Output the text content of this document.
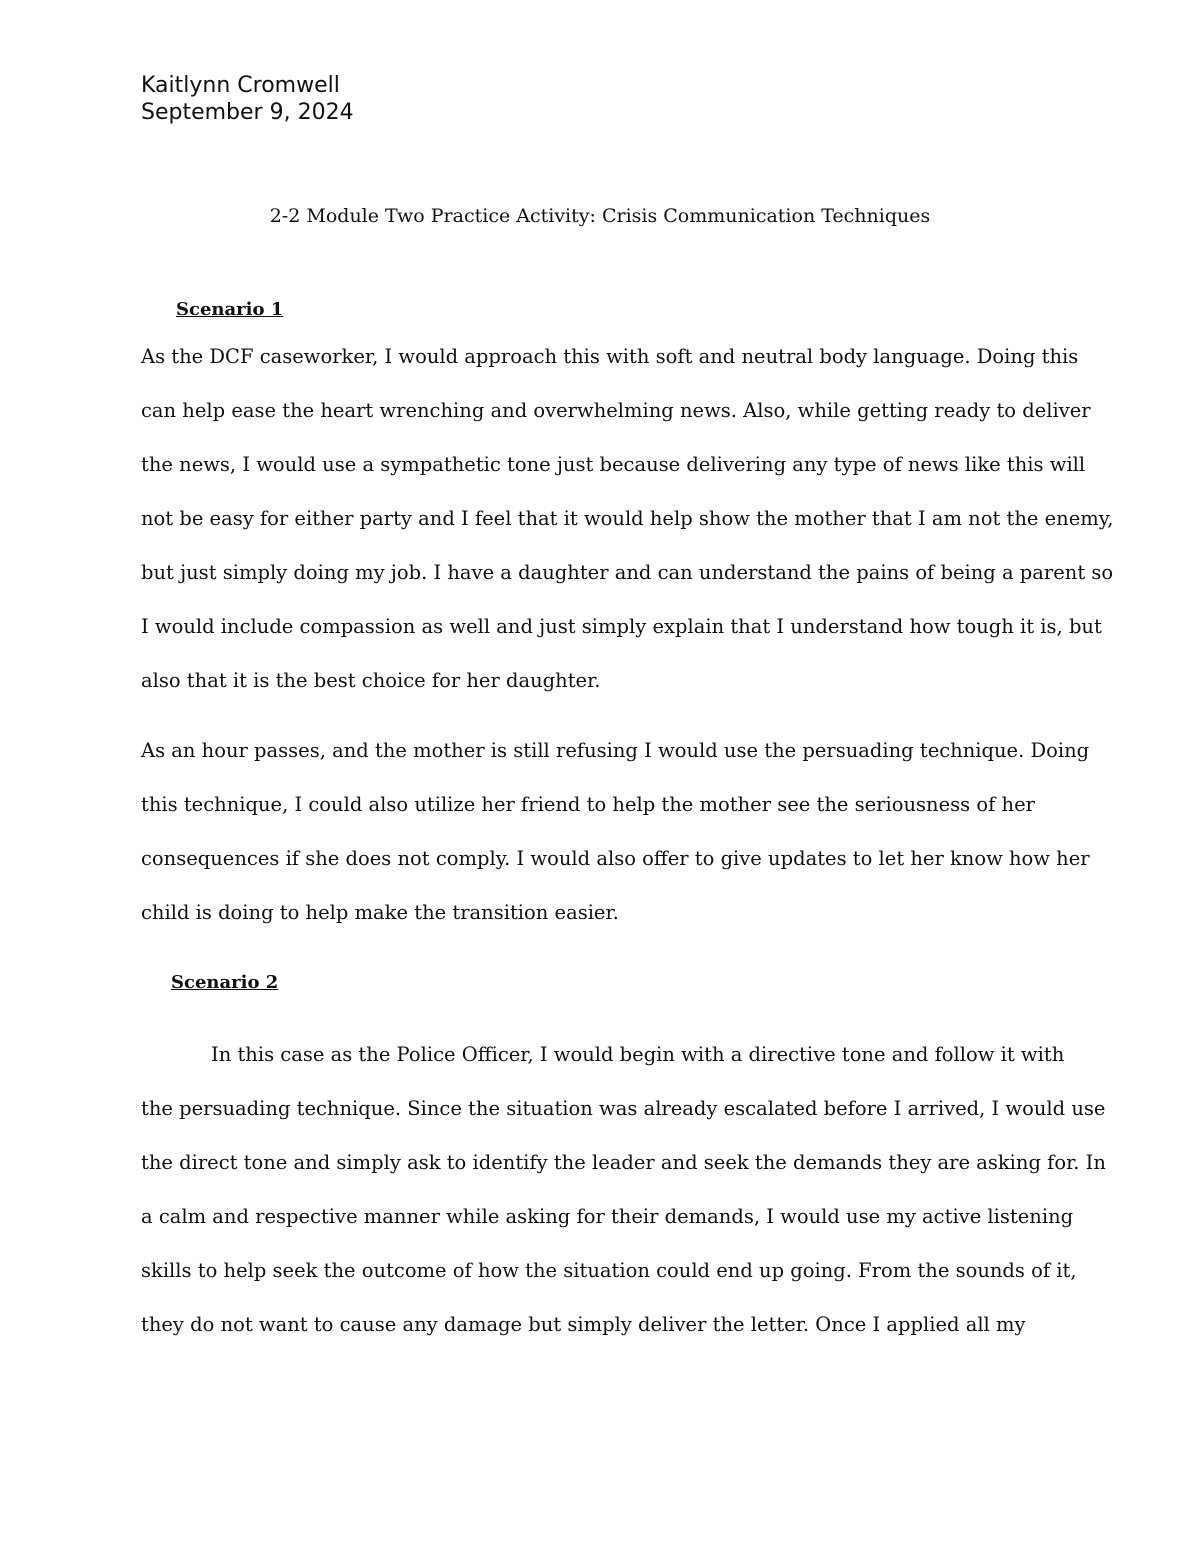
Kaitlynn Cromwell
September 9, 2024
2-2 Module Two Practice Activity: Crisis Communication Techniques
Scenario 1
As the DCF caseworker, I would approach this with soft and neutral body language. Doing this
can help ease the heart wrenching and overwhelming news. Also, while getting ready to deliver
the news, I would use a sympathetic tone just because delivering any type of news like this will
not be easy for either party and I feel that it would help show the mother that I am not the enemy,
but just simply doing my job. I have a daughter and can understand the pains of being a parent so
I would include compassion as well and just simply explain that I understand how tough it is, but
also that it is the best choice for her daughter.
As an hour passes, and the mother is still refusing I would use the persuading technique. Doing
this technique, I could also utilize her friend to help the mother see the seriousness of her
consequences if she does not comply. I would also offer to give updates to let her know how her
child is doing to help make the transition easier.
Scenario 2
In this case as the Police Officer, I would begin with a directive tone and follow it with
the persuading technique. Since the situation was already escalated before I arrived, I would use
the direct tone and simply ask to identify the leader and seek the demands they are asking for. In
a calm and respective manner while asking for their demands, I would use my active listening
skills to help seek the outcome of how the situation could end up going. From the sounds of it,
they do not want to cause any damage but simply deliver the letter. Once I applied all my
